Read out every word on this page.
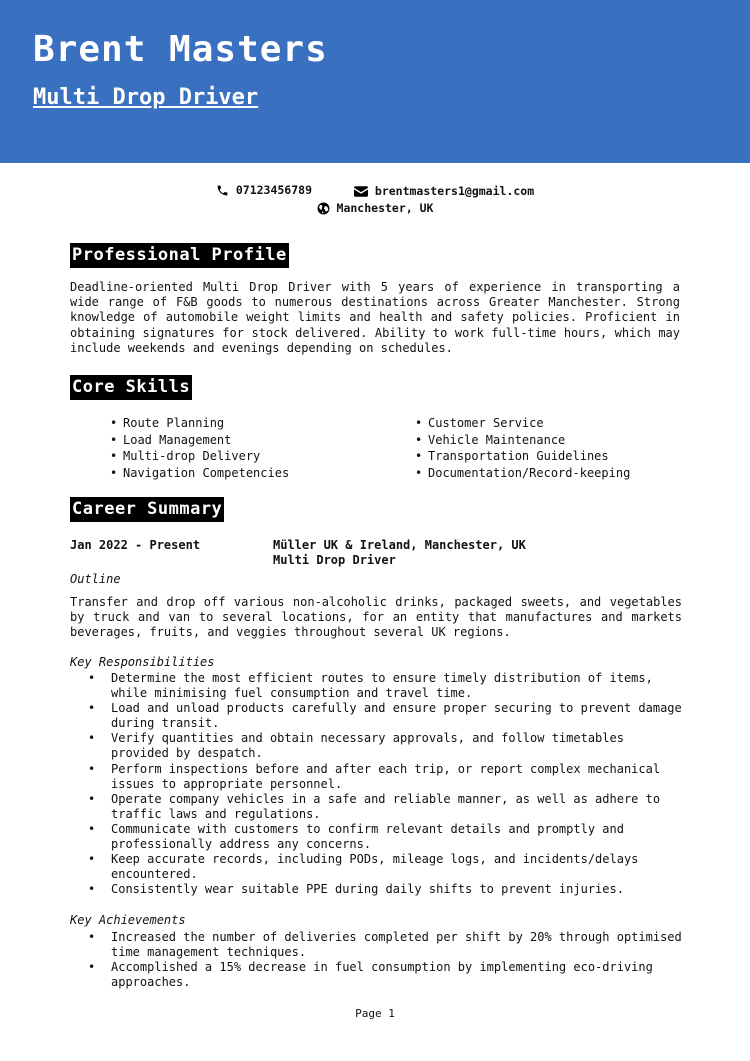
Brent Masters
Multi Drop Driver
07123456789
	brentmasters1@gmail.com
Manchester, UK
Professional Profile

Deadline-oriented Multi Drop Driver with 5 years of experience in transporting a wide range of F&B goods to numerous destinations across Greater Manchester. Strong knowledge of automobile weight limits and health and safety policies. Proficient in obtaining signatures for stock delivered. Ability to work full-time hours, which may include weekends and evenings depending on schedules.

Core Skills
• Route Planning
• Load Management
• Multi-drop Delivery
• Navigation Competencies
• Customer Service
• Vehicle Maintenance
• Transportation Guidelines
• Documentation/Record-keeping
Career Summary
Jan 2022 - Present	Müller UK & Ireland, Manchester, UK
Multi Drop Driver
Outline

Transfer and drop off various non-alcoholic drinks, packaged sweets, and vegetables by truck and van to several locations, for an entity that manufactures and markets beverages, fruits, and veggies throughout several UK regions.

Key Responsibilities
• Determine the most efficient routes to ensure timely distribution of items, while minimising fuel consumption and travel time.
• Load and unload products carefully and ensure proper securing to prevent damage during transit.
• Verify quantities and obtain necessary approvals, and follow timetables provided by despatch.
• Perform inspections before and after each trip, or report complex mechanical issues to appropriate personnel.
• Operate company vehicles in a safe and reliable manner, as well as adhere to traffic laws and regulations.
• Communicate with customers to confirm relevant details and promptly and professionally address any concerns.
• Keep accurate records, including PODs, mileage logs, and incidents/delays encountered.
• Consistently wear suitable PPE during daily shifts to prevent injuries.
Key Achievements
• Increased the number of deliveries completed per shift by 20% through optimised time management techniques.
• Accomplished a 15% decrease in fuel consumption by implementing eco-driving approaches.
Page 1
